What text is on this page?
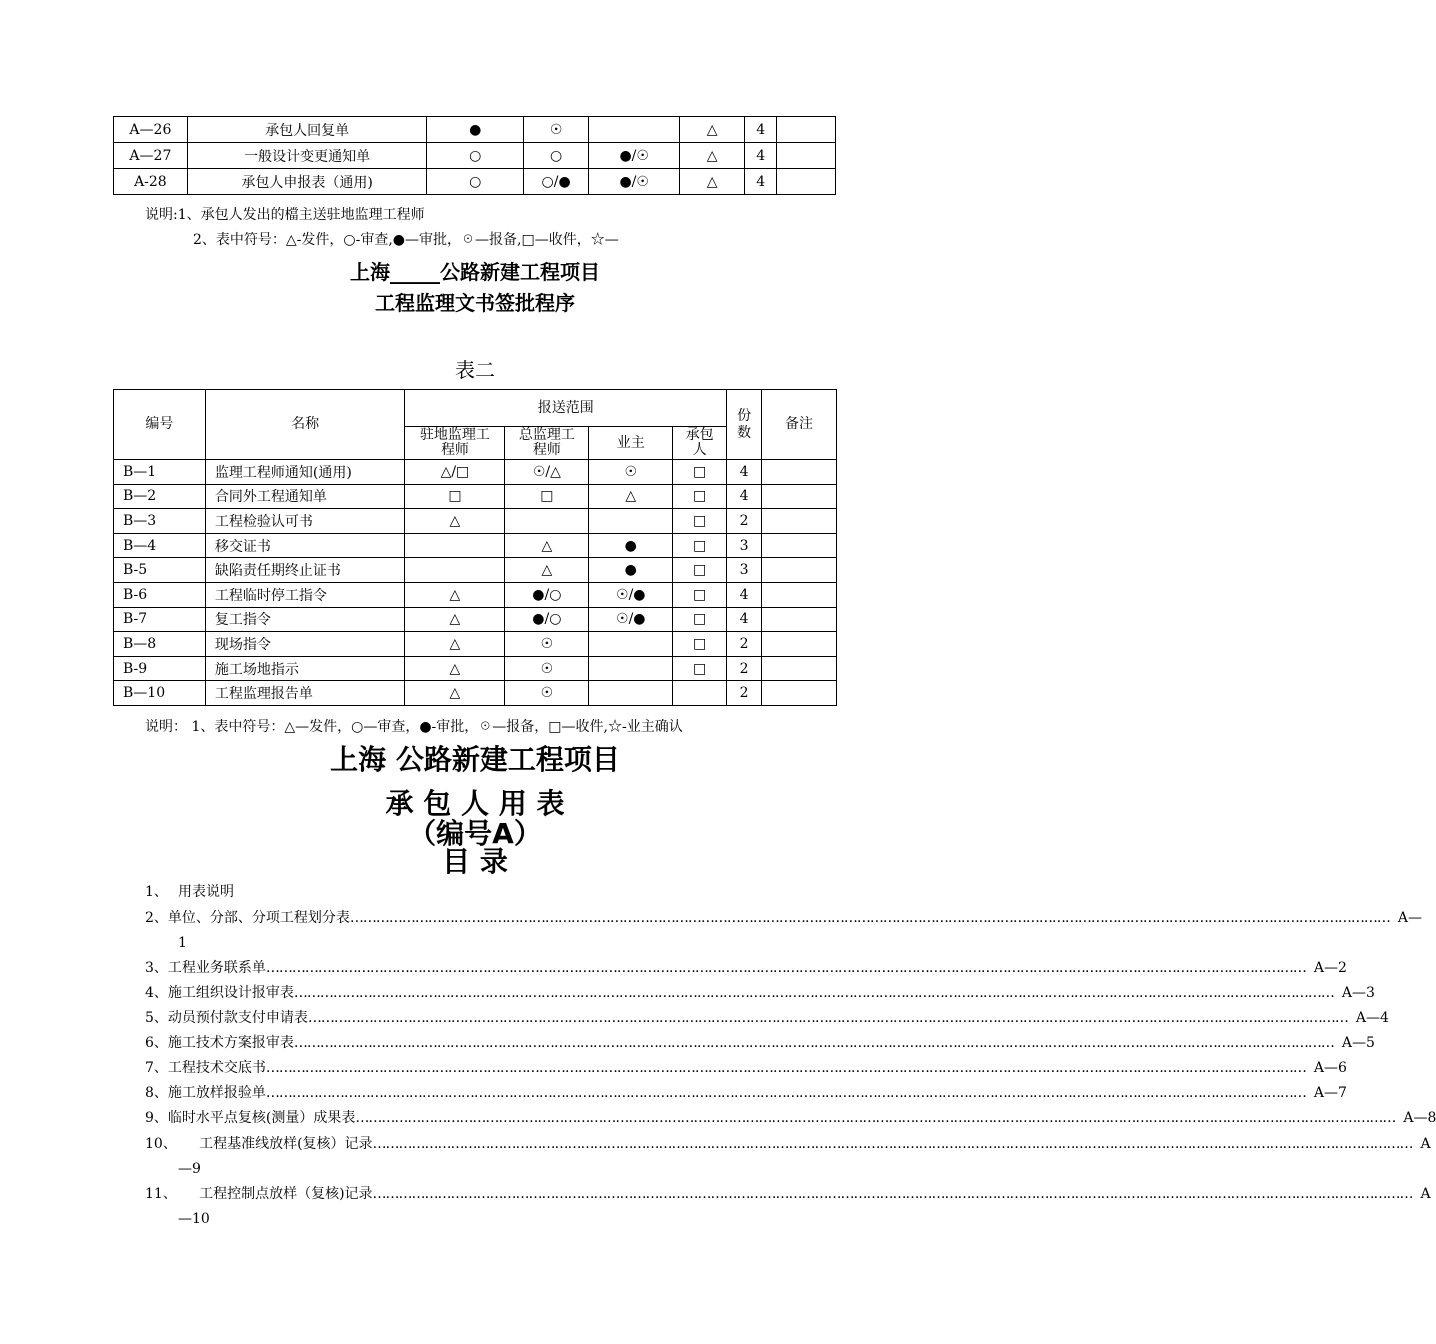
A—26	承包人回复单	●	☉		△	4	
A—27	一般设计变更通知单	○	○	●/☉	△	4	
A-28	承包人申报表（通用)	○	○/●	●/☉	△	4	
说明:1、承包人发出的檔主送驻地监理工程师
2、表中符号：△-发件，○-审查,●—审批，☉—报备,□—收件，☆—
上海_____公路新建工程项目
工程监理文书签批程序
表二
编号	名称	报送范围				份数	备注

		驻地监理工程师	总监理工程师	业主	承包人		

B—1	监理工程师通知(通用)	△/□	☉/△	☉	□	4	
B—2	合同外工程通知单	□	□	△	□	4	
B—3	工程检验认可书	△			□	2	
B—4	移交证书		△	●	□	3	
B-5	缺陷责任期终止证书		△	●	□	3	
B-6	工程临时停工指令	△	●/○	☉/●	□	4	
B-7	复工指令	△	●/○	☉/●	□	4	
B—8	现场指令	△	☉		□	2	
B-9	施工场地指示	△	☉		□	2	
B—10	工程监理报告单	△	☉			2	
说明： 1、表中符号：△—发件，○—审查，●-审批，☉—报备，□—收件,☆-业主确认
上海 公路新建工程项目
承 包 人 用 表
（编号A）
目 录
1、 用表说明
2、 单位、分部、分项工程划分表 …………………………………………………………………………………………………………………………………………………………………………………………………………………… A—
1
3、 工程业务联系单 …………………………………………………………………………………………………………………………………………………………………………………………………………………… A—2
4、 施工组织设计报审表 …………………………………………………………………………………………………………………………………………………………………………………………………………………… A—3
5、 动员预付款支付申请表 …………………………………………………………………………………………………………………………………………………………………………………………………………………… A—4
6、 施工技术方案报审表 …………………………………………………………………………………………………………………………………………………………………………………………………………………… A—5
7、 工程技术交底书 …………………………………………………………………………………………………………………………………………………………………………………………………………………… A—6
8、 施工放样报验单 …………………………………………………………………………………………………………………………………………………………………………………………………………………… A—7
9、 临时水平点复核(测量）成果表 …………………………………………………………………………………………………………………………………………………………………………………………………………………… A—8
10、 工程基准线放样(复核）记录 …………………………………………………………………………………………………………………………………………………………………………………………………………………… A
—9
11、 工程控制点放样（复核)记录 …………………………………………………………………………………………………………………………………………………………………………………………………………………… A
—10
